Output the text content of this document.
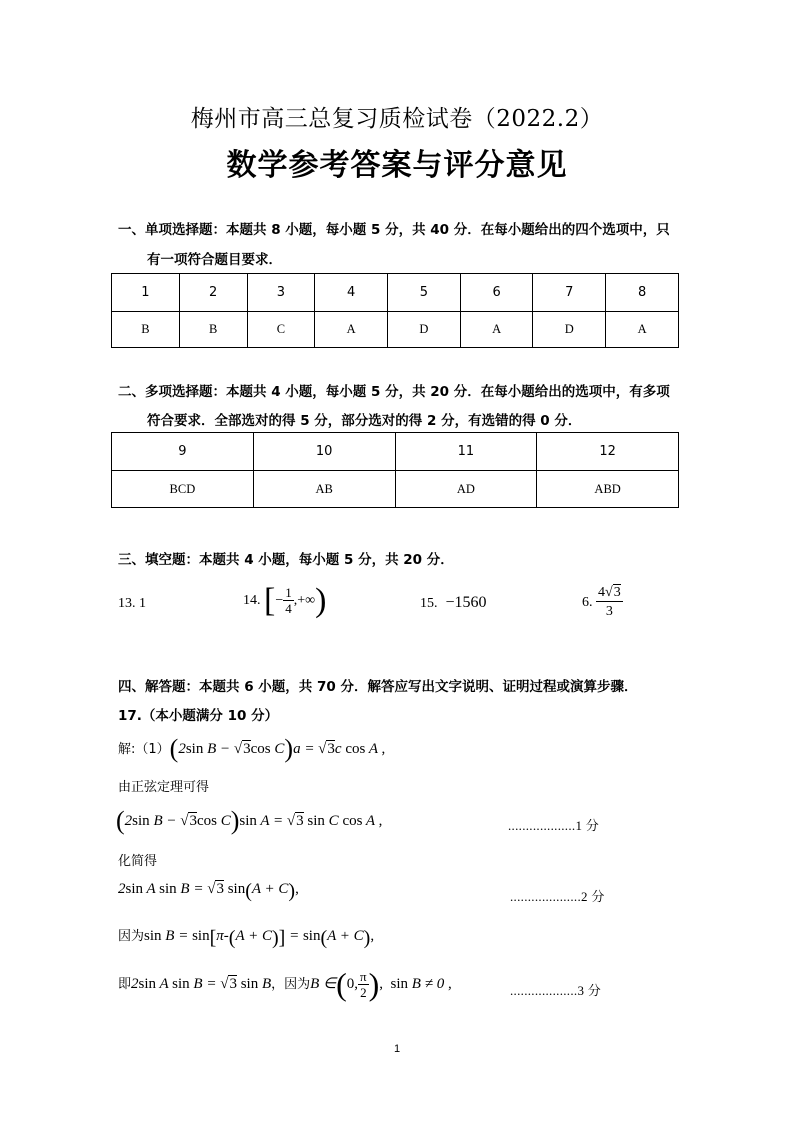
梅州市高三总复习质检试卷（2022.2）
数学参考答案与评分意见
一、单项选择题：本题共 8 小题，每小题 5 分，共 40 分．在每小题给出的四个选项中，只
有一项符合题目要求．
1	2	3	4	5	6	7	8
B	B	C	A	D	A	D	A
二、多项选择题：本题共 4 小题，每小题 5 分，共 20 分．在每小题给出的选项中，有多项
符合要求．全部选对的得 5 分，部分选对的得 2 分，有选错的得 0 分．
9	10	11	12
BCD	AB	AD	ABD
三、填空题：本题共 4 小题，每小题 5 分，共 20 分．
13. 1	14. [− $\frac{1}{4}$ ,+∞)	15. −1560	6. $\frac{4√3}{3}$
四、解答题：本题共 6 小题，共 70 分．解答应写出文字说明、证明过程或演算步骤．
17.（本小题满分 10 分）
解:（1）(2sin B − √3cos C)a = √3c cos A ,
由正弦定理可得
(2sin B − √3cos C)sin A = √3 sin C cos A ,	...................1 分
化简得
2sin A sin B = √3 sin(A + C),	....................2 分
因为sin B = sin[π-(A + C)] = sin(A + C),
即2sin A sin B = √3 sin B，因为B ∈(0, $\frac{\pi}{2}$ ), sin B ≠ 0 ,	...................3 分
1
